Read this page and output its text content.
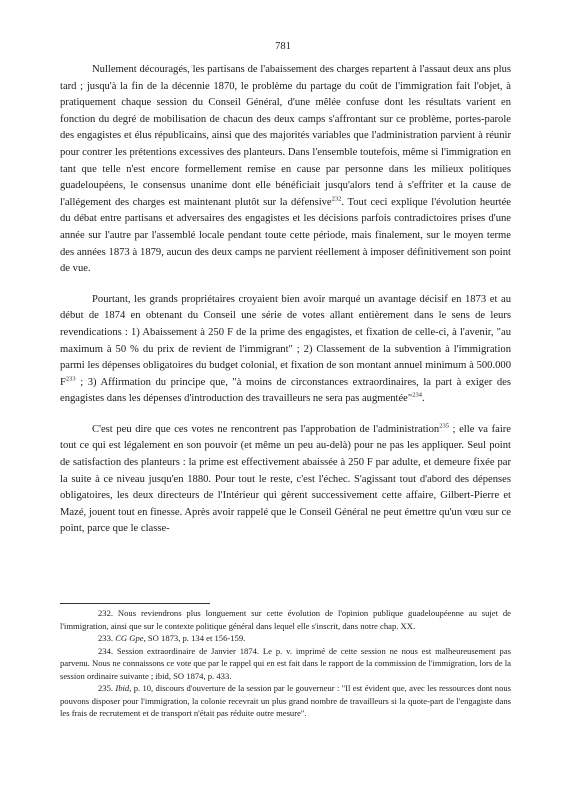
781

Nullement découragés, les partisans de l'abaissement des charges repartent à l'assaut deux ans plus tard ; jusqu'à la fin de la décennie 1870, le problème du partage du coût de l'immigration fait l'objet, à pratiquement chaque session du Conseil Général, d'une mêlée confuse dont les résultats varient en fonction du degré de mobilisation de chacun des deux camps s'affrontant sur ce problème, portes-parole des engagistes et élus républicains, ainsi que des majorités variables que l'administration parvient à réunir pour contrer les prétentions excessives des planteurs. Dans l'ensemble toutefois, même si l'immigration en tant que telle n'est encore formellement remise en cause par personne dans les milieux politiques guadeloupéens, le consensus unanime dont elle bénéficiait jusqu'alors tend à s'effriter et la cause de l'allégement des charges est maintenant plutôt sur la défensive$^{232}$. Tout ceci explique l'évolution heurtée du débat entre partisans et adversaires des engagistes et les décisions parfois contradictoires prises d'une année sur l'autre par l'assemblé locale pendant toute cette période, mais finalement, sur le moyen terme des années 1873 à 1879, aucun des deux camps ne parvient réellement à imposer définitivement son point de vue.

Pourtant, les grands propriétaires croyaient bien avoir marqué un avantage décisif en 1873 et au début de 1874 en obtenant du Conseil une série de votes allant entièrement dans le sens de leurs revendications : 1) Abaissement à 250 F de la prime des engagistes, et fixation de celle-ci, à l'avenir, "au maximum à 50 % du prix de revient de l'immigrant" ; 2) Classement de la subvention à l'immigration parmi les dépenses obligatoires du budget colonial, et fixation de son montant annuel minimum à 500.000 $F^{233}$ ; 3) Affirmation du principe que, "à moins de circonstances extraordinaires, la part à exiger des engagistes dans les dépenses d'introduction des travailleurs ne sera pas augmentée"$^{234}$.

C'est peu dire que ces votes ne rencontrent pas l'approbation de l'administration$^{235}$ ; elle va faire tout ce qui est légalement en son pouvoir (et même un peu au-delà) pour ne pas les appliquer. Seul point de satisfaction des planteurs : la prime est effectivement abaissée à 250 F par adulte, et demeure fixée par la suite à ce niveau jusqu'en 1880. Pour tout le reste, c'est l'échec. S'agissant tout d'abord des dépenses obligatoires, les deux directeurs de l'Intérieur qui gèrent successivement cette affaire, Gilbert-Pierre et Mazé, jouent tout en finesse. Après avoir rappelé que le Conseil Général ne peut émettre qu'un vœu sur ce point, parce que le classe-

232. Nous reviendrons plus longuement sur cette évolution de l'opinion publique guadeloupéenne au sujet de l'immigration, ainsi que sur le contexte politique général dans lequel elle s'inscrit, dans notre chap. XX.

233. CG Gpe, SO 1873, p. 134 et 156-159.

234. Session extraordinaire de Janvier 1874. Le p. v. imprimé de cette session ne nous est malheureusement pas parvenu. Nous ne connaissons ce vote que par le rappel qui en est fait dans le rapport de la commission de l'immigration, lors de la session ordinaire suivante ; ibid, SO 1874, p. 433.

235. Ibid, p. 10, discours d'ouverture de la session par le gouverneur : "Il est évident que, avec les ressources dont nous pouvons disposer pour l'immigration, la colonie recevrait un plus grand nombre de travailleurs si la quote-part de l'engagiste dans les frais de recrutement et de transport n'était pas réduite outre mesure".
